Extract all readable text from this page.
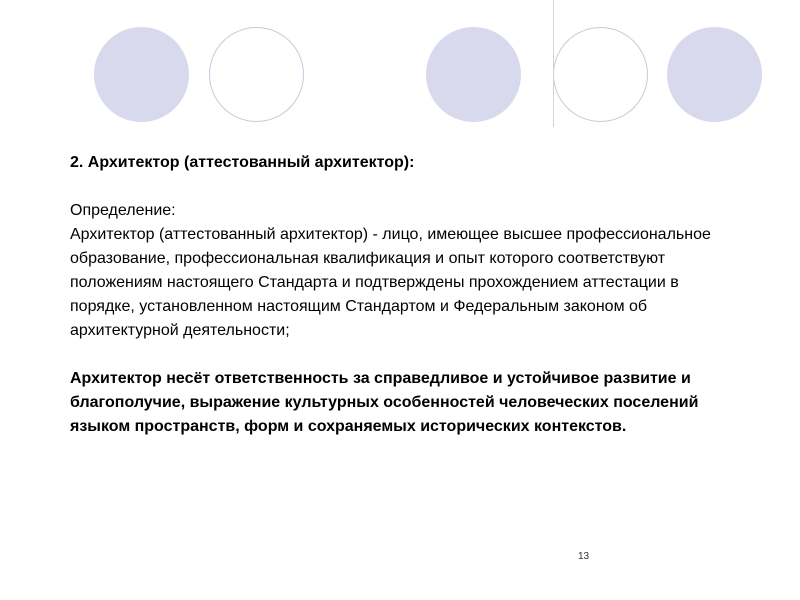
2. Архитектор (аттестованный архитектор):

Определение:

Архитектор (аттестованный архитектор) - лицо, имеющее высшее профессиональное образование, профессиональная квалификация и опыт которого соответствуют положениям настоящего Стандарта и подтверждены прохождением аттестации в порядке, установленном настоящим Стандартом и Федеральным законом об архитектурной деятельности;

Архитектор несёт ответственность за справедливое и устойчивое развитие и благополучие, выражение культурных особенностей человеческих поселений языком пространств, форм и сохраняемых исторических контекстов.

13
